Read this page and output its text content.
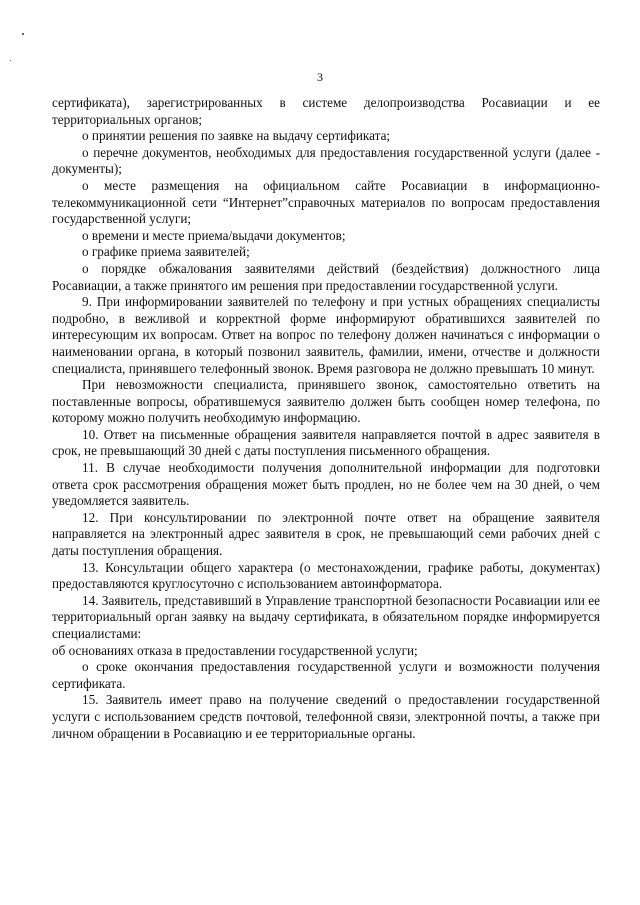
3

сертификата), зарегистрированных в системе делопроизводства Росавиации и ее территориальных органов;

о принятии решения по заявке на выдачу сертификата;

о перечне документов, необходимых для предоставления государственной услуги (далее - документы);

о месте размещения на официальном сайте Росавиации в информационно-телекоммуникационной сети “Интернет”справочных материалов по вопросам предоставления государственной услуги;

о времени и месте приема/выдачи документов;

о графике приема заявителей;

о порядке обжалования заявителями действий (бездействия) должностного лица Росавиации, а также принятого им решения при предоставлении государственной услуги.

9. При информировании заявителей по телефону и при устных обращениях специалисты подробно, в вежливой и корректной форме информируют обратившихся заявителей по интересующим их вопросам. Ответ на вопрос по телефону должен начинаться с информации о наименовании органа, в который позвонил заявитель, фамилии, имени, отчестве и должности специалиста, принявшего телефонный звонок. Время разговора не должно превышать 10 минут.

При невозможности специалиста, принявшего звонок, самостоятельно ответить на поставленные вопросы, обратившемуся заявителю должен быть сообщен номер телефона, по которому можно получить необходимую информацию.

10. Ответ на письменные обращения заявителя направляется почтой в адрес заявителя в срок, не превышающий 30 дней с даты поступления письменного обращения.

11. В случае необходимости получения дополнительной информации для подготовки ответа срок рассмотрения обращения может быть продлен, но не более чем на 30 дней, о чем уведомляется заявитель.

12. При консультировании по электронной почте ответ на обращение заявителя направляется на электронный адрес заявителя в срок, не превышающий семи рабочих дней с даты поступления обращения.

13. Консультации общего характера (о местонахождении, графике работы, документах) предоставляются круглосуточно с использованием автоинформатора.

14. Заявитель, представивший в Управление транспортной безопасности Росавиации или ее территориальный орган заявку на выдачу сертификата, в обязательном порядке информируется специалистами:

об основаниях отказа в предоставлении государственной услуги;

о сроке окончания предоставления государственной услуги и возможности получения сертификата.

15. Заявитель имеет право на получение сведений о предоставлении государственной услуги с использованием средств почтовой, телефонной связи, электронной почты, а также при личном обращении в Росавиацию и ее территориальные органы.
